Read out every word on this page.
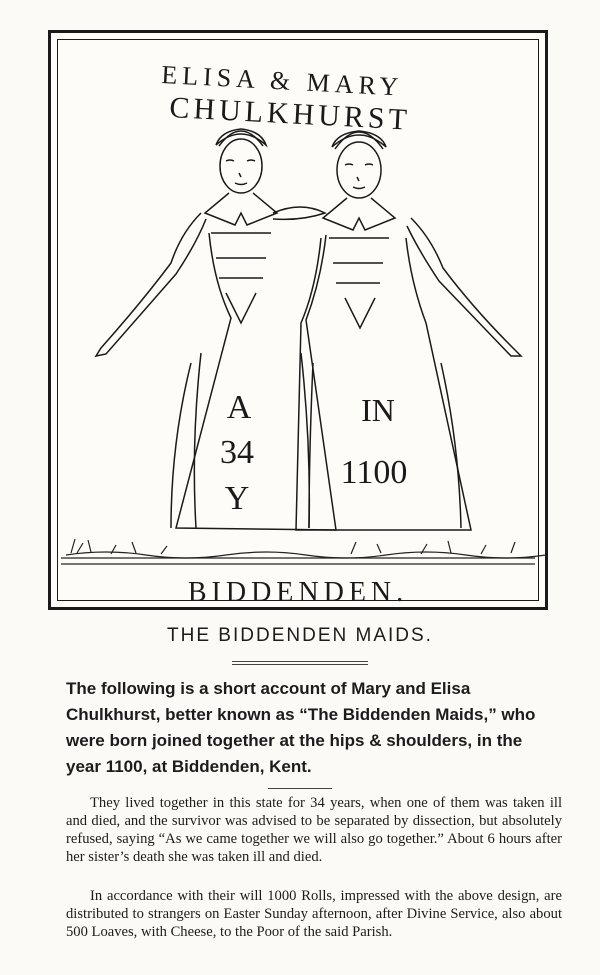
ELISA & MARY
CHULKHURST
A
34
Y
IN
1100
BIDDENDEN.
THE BIDDENDEN MAIDS.

The following is a short account of Mary and Elisa Chulkhurst, better known as “The Biddenden Maids,” who were born joined together at the hips & shoulders, in the year 1100, at Biddenden, Kent.

They lived together in this state for 34 years, when one of them was taken ill and died, and the survivor was advised to be separated by dissection, but absolutely refused, saying “As we came together we will also go together.” About 6 hours after her sister’s death she was taken ill and died.

In accordance with their will 1000 Rolls, impressed with the above design, are distributed to strangers on Easter Sunday afternoon, after Divine Service, also about 500 Loaves, with Cheese, to the Poor of the said Parish.
